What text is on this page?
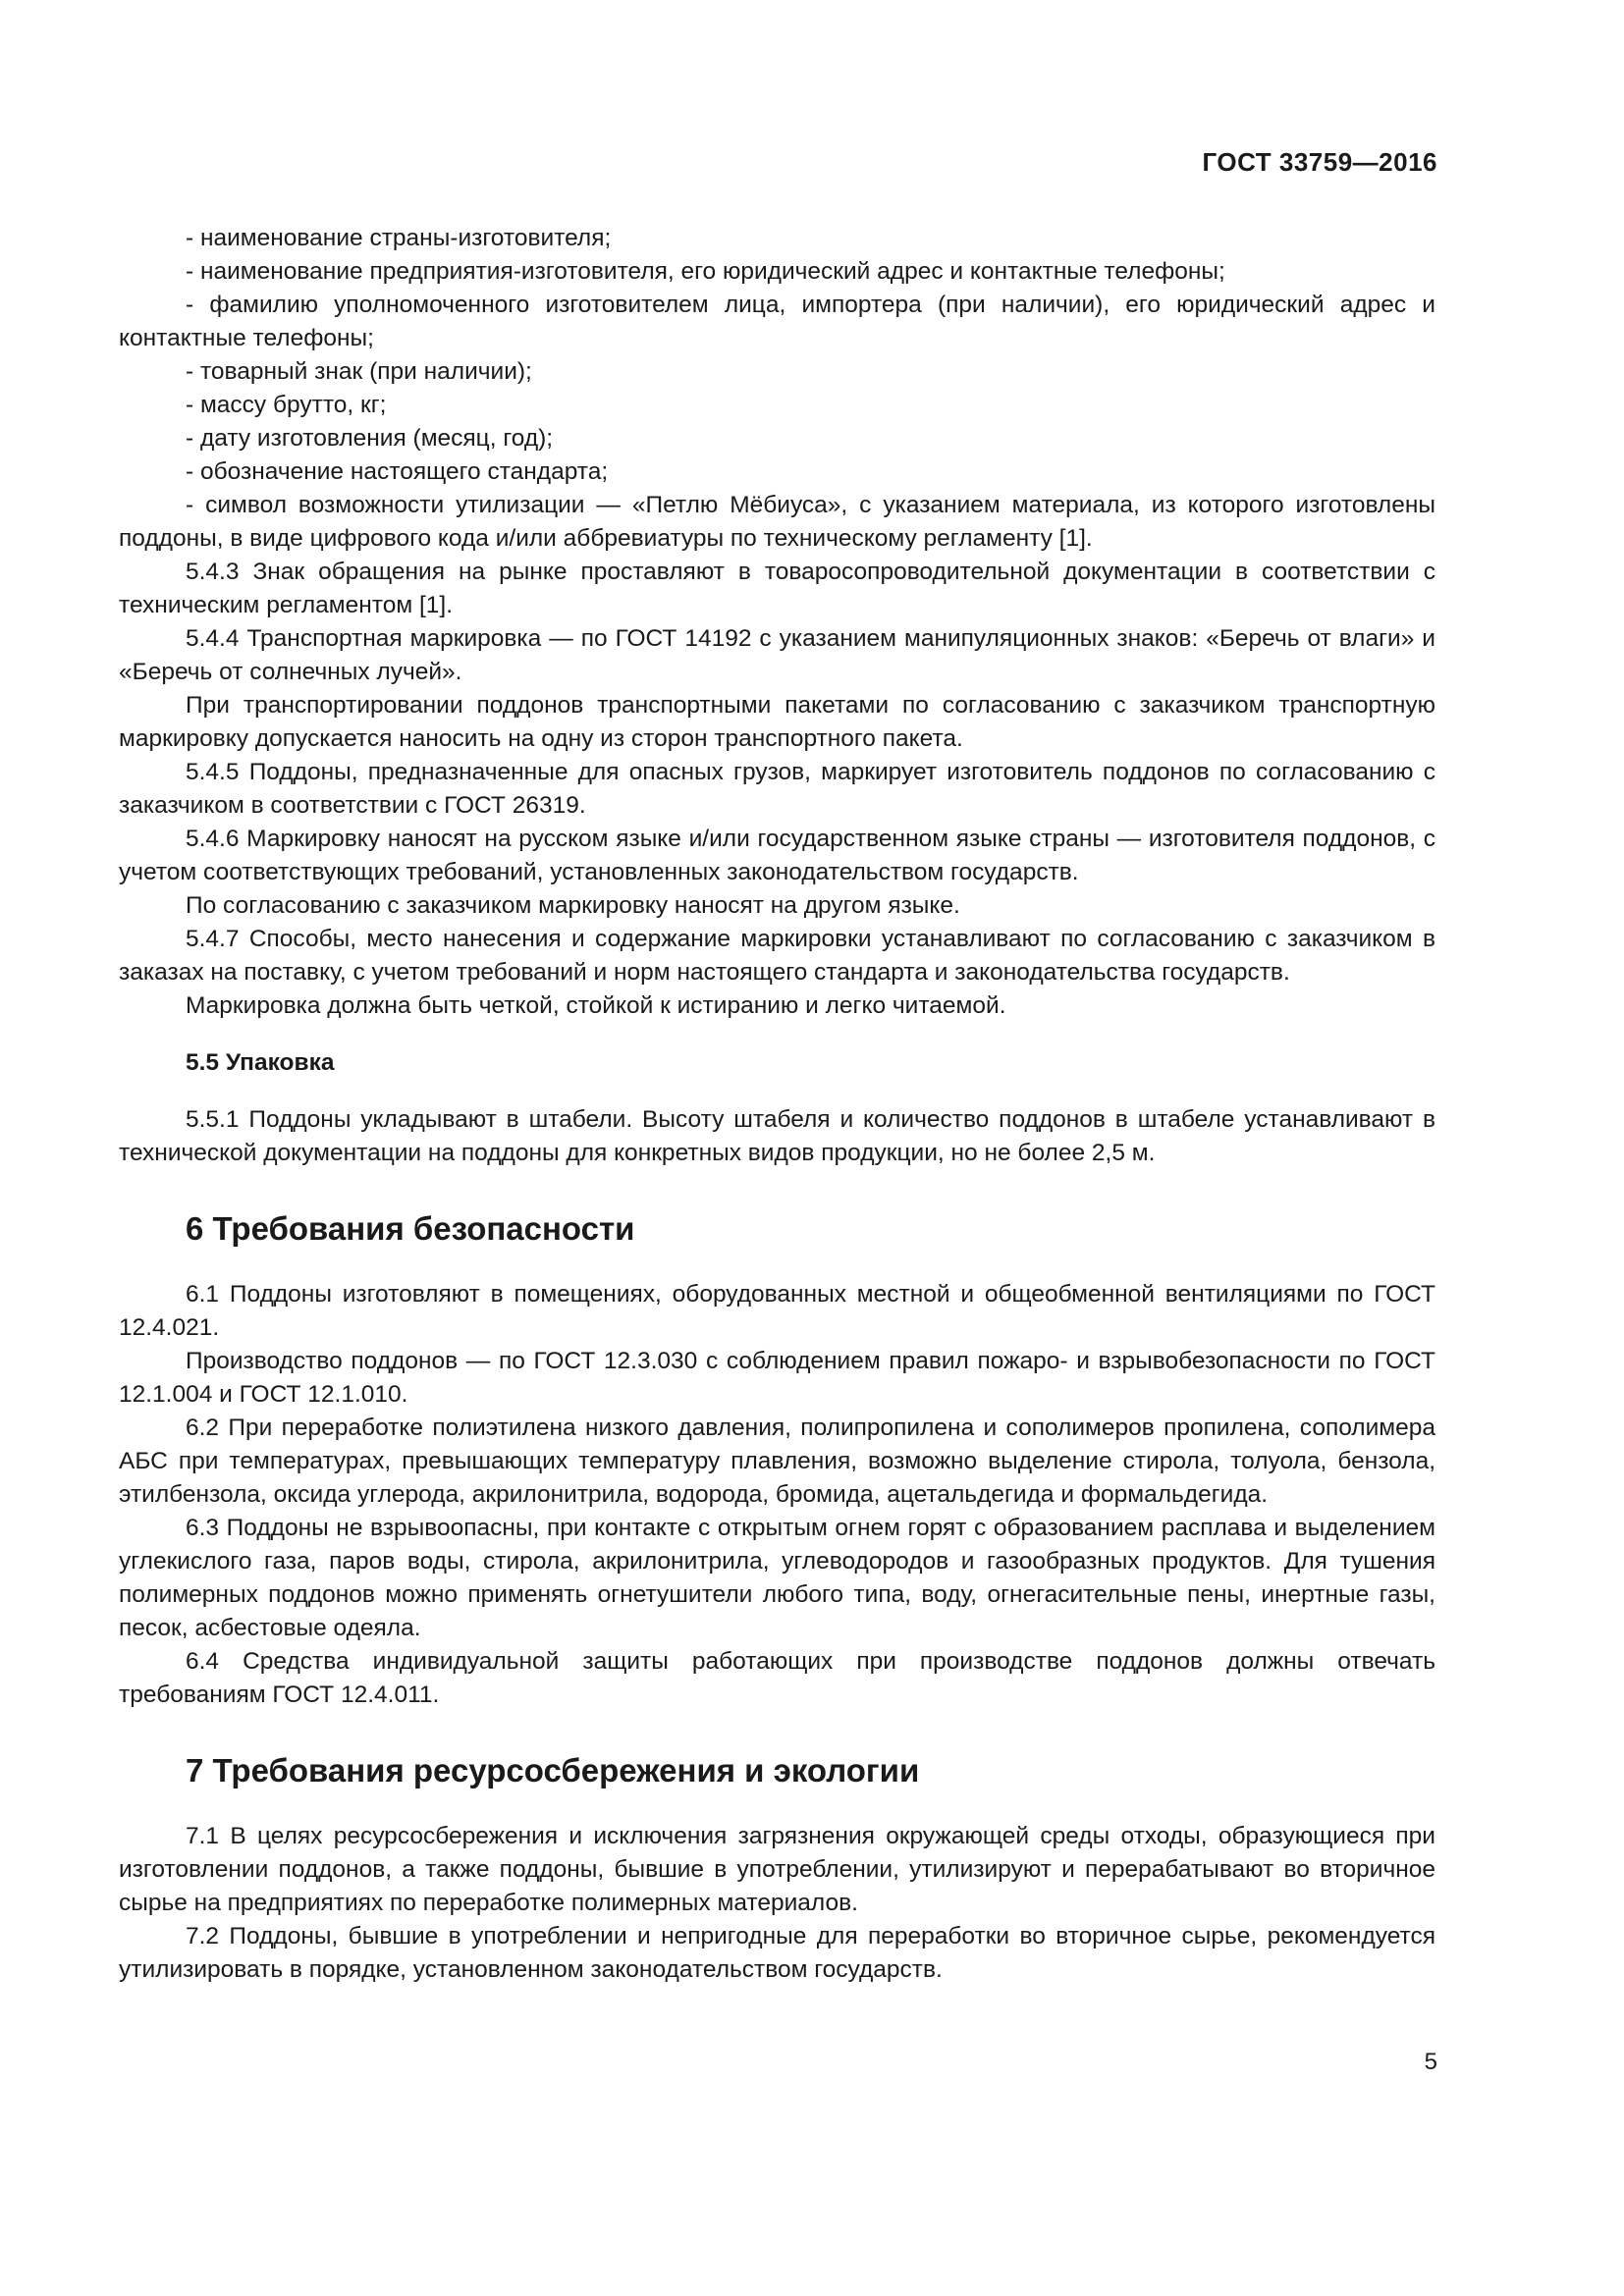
ГОСТ 33759—2016

- наименование страны-изготовителя;

- наименование предприятия-изготовителя, его юридический адрес и контактные телефоны;

- фамилию уполномоченного изготовителем лица, импортера (при наличии), его юридический адрес и контактные телефоны;

- товарный знак (при наличии);

- массу брутто, кг;

- дату изготовления (месяц, год);

- обозначение настоящего стандарта;

- символ возможности утилизации — «Петлю Мёбиуса», с указанием материала, из которого изготовлены поддоны, в виде цифрового кода и/или аббревиатуры по техническому регламенту [1].

5.4.3 Знак обращения на рынке проставляют в товаросопроводительной документации в соответствии с техническим регламентом [1].

5.4.4 Транспортная маркировка — по ГОСТ 14192 с указанием манипуляционных знаков: «Беречь от влаги» и «Беречь от солнечных лучей».

При транспортировании поддонов транспортными пакетами по согласованию с заказчиком транспортную маркировку допускается наносить на одну из сторон транспортного пакета.

5.4.5 Поддоны, предназначенные для опасных грузов, маркирует изготовитель поддонов по согласованию с заказчиком в соответствии с ГОСТ 26319.

5.4.6 Маркировку наносят на русском языке и/или государственном языке страны — изготовителя поддонов, с учетом соответствующих требований, установленных законодательством государств.

По согласованию с заказчиком маркировку наносят на другом языке.

5.4.7 Способы, место нанесения и содержание маркировки устанавливают по согласованию с заказчиком в заказах на поставку, с учетом требований и норм настоящего стандарта и законодательства государств.

Маркировка должна быть четкой, стойкой к истиранию и легко читаемой.

5.5 Упаковка

5.5.1 Поддоны укладывают в штабели. Высоту штабеля и количество поддонов в штабеле устанавливают в технической документации на поддоны для конкретных видов продукции, но не более 2,5 м.

6 Требования безопасности

6.1 Поддоны изготовляют в помещениях, оборудованных местной и общеобменной вентиляциями по ГОСТ 12.4.021.

Производство поддонов — по ГОСТ 12.3.030 с соблюдением правил пожаро- и взрывобезопасности по ГОСТ 12.1.004 и ГОСТ 12.1.010.

6.2 При переработке полиэтилена низкого давления, полипропилена и сополимеров пропилена, сополимера АБС при температурах, превышающих температуру плавления, возможно выделение стирола, толуола, бензола, этилбензола, оксида углерода, акрилонитрила, водорода, бромида, ацетальдегида и формальдегида.

6.3 Поддоны не взрывоопасны, при контакте с открытым огнем горят с образованием расплава и выделением углекислого газа, паров воды, стирола, акрилонитрила, углеводородов и газообразных продуктов. Для тушения полимерных поддонов можно применять огнетушители любого типа, воду, огнегасительные пены, инертные газы, песок, асбестовые одеяла.

6.4 Средства индивидуальной защиты работающих при производстве поддонов должны отвечать требованиям ГОСТ 12.4.011.

7 Требования ресурсосбережения и экологии

7.1 В целях ресурсосбережения и исключения загрязнения окружающей среды отходы, образующиеся при изготовлении поддонов, а также поддоны, бывшие в употреблении, утилизируют и перерабатывают во вторичное сырье на предприятиях по переработке полимерных материалов.

7.2 Поддоны, бывшие в употреблении и непригодные для переработки во вторичное сырье, рекомендуется утилизировать в порядке, установленном законодательством государств.

5
